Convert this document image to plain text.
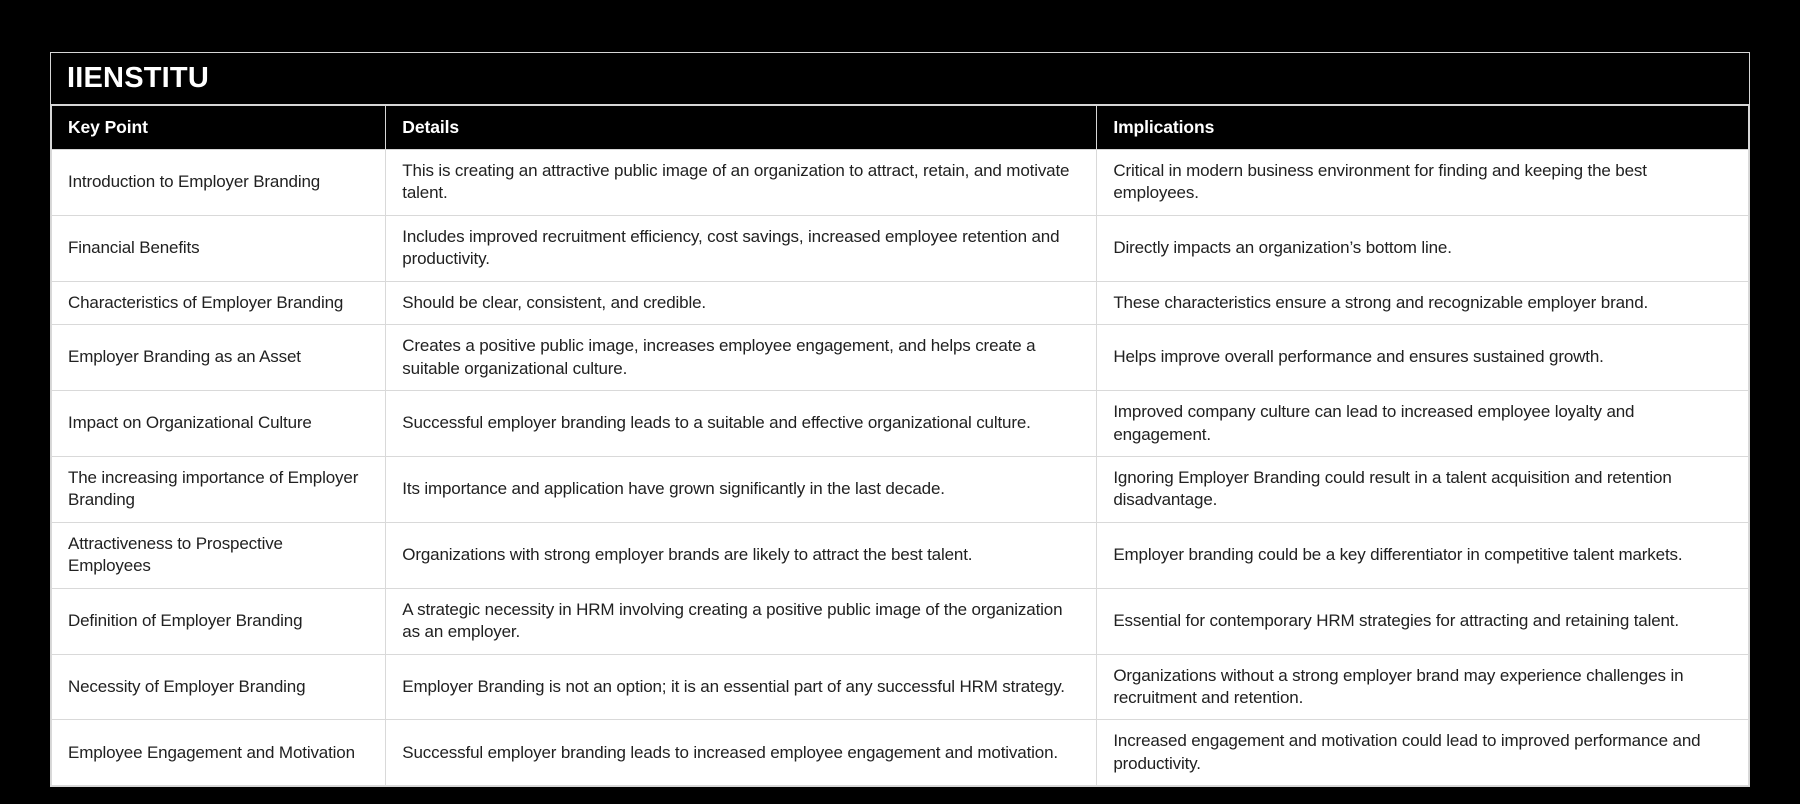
IIENSTITU
Key Point	Details	Implications
Introduction to Employer Branding	This is creating an attractive public image of an organization to attract, retain, and motivate talent.	Critical in modern business environment for finding and keeping the best employees.
Financial Benefits	Includes improved recruitment efficiency, cost savings, increased employee retention and productivity.	Directly impacts an organization’s bottom line.
Characteristics of Employer Branding	Should be clear, consistent, and credible.	These characteristics ensure a strong and recognizable employer brand.
Employer Branding as an Asset	Creates a positive public image, increases employee engagement, and helps create a suitable organizational culture.	Helps improve overall performance and ensures sustained growth.
Impact on Organizational Culture	Successful employer branding leads to a suitable and effective organizational culture.	Improved company culture can lead to increased employee loyalty and engagement.
The increasing importance of Employer Branding	Its importance and application have grown significantly in the last decade.	Ignoring Employer Branding could result in a talent acquisition and retention disadvantage.
Attractiveness to Prospective Employees	Organizations with strong employer brands are likely to attract the best talent.	Employer branding could be a key differentiator in competitive talent markets.
Definition of Employer Branding	A strategic necessity in HRM involving creating a positive public image of the organization as an employer.	Essential for contemporary HRM strategies for attracting and retaining talent.
Necessity of Employer Branding	Employer Branding is not an option; it is an essential part of any successful HRM strategy.	Organizations without a strong employer brand may experience challenges in recruitment and retention.
Employee Engagement and Motivation	Successful employer branding leads to increased employee engagement and motivation.	Increased engagement and motivation could lead to improved performance and productivity.
